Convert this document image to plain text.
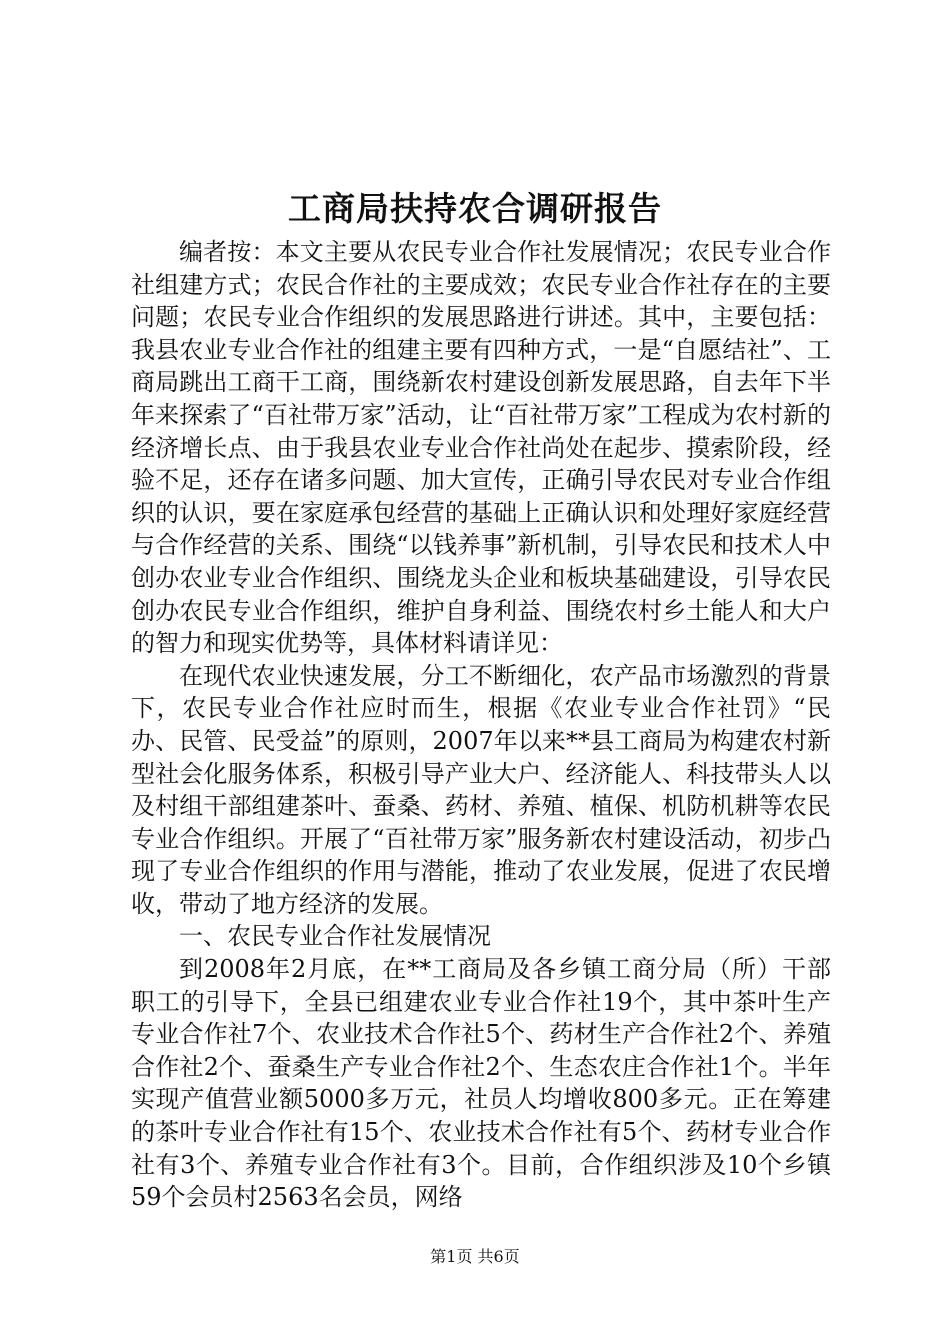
工商局扶持农合调研报告

编者按：本文主要从农民专业合作社发展情况；农民专业合作社组建方式；农民合作社的主要成效；农民专业合作社存在的主要问题；农民专业合作组织的发展思路进行讲述。其中，主要包括：我县农业专业合作社的组建主要有四种方式，一是“自愿结社”、工商局跳出工商干工商，围绕新农村建设创新发展思路，自去年下半年来探索了“百社带万家”活动，让“百社带万家”工程成为农村新的经济增长点、由于我县农业专业合作社尚处在起步、摸索阶段，经验不足，还存在诸多问题、加大宣传，正确引导农民对专业合作组织的认识，要在家庭承包经营的基础上正确认识和处理好家庭经营与合作经营的关系、围绕“以钱养事”新机制，引导农民和技术人中创办农业专业合作组织、围绕龙头企业和板块基础建设，引导农民创办农民专业合作组织，维护自身利益、围绕农村乡土能人和大户的智力和现实优势等，具体材料请详见：

在现代农业快速发展，分工不断细化，农产品市场激烈的背景下，农民专业合作社应时而生，根据《农业专业合作社罚》“民办、民管、民受益”的原则，2007年以来**县工商局为构建农村新型社会化服务体系，积极引导产业大户、经济能人、科技带头人以及村组干部组建茶叶、蚕桑、药材、养殖、植保、机防机耕等农民专业合作组织。开展了“百社带万家”服务新农村建设活动，初步凸现了专业合作组织的作用与潜能，推动了农业发展，促进了农民增收，带动了地方经济的发展。

一、农民专业合作社发展情况

到2008年2月底，在**工商局及各乡镇工商分局（所）干部职工的引导下，全县已组建农业专业合作社19个，其中茶叶生产专业合作社7个、农业技术合作社5个、药材生产合作社2个、养殖合作社2个、蚕桑生产专业合作社2个、生态农庄合作社1个。半年实现产值营业额5000多万元，社员人均增收800多元。正在筹建的茶叶专业合作社有15个、农业技术合作社有5个、药材专业合作社有3个、养殖专业合作社有3个。目前，合作组织涉及10个乡镇59个会员村2563名会员，网络

第1页 共6页
